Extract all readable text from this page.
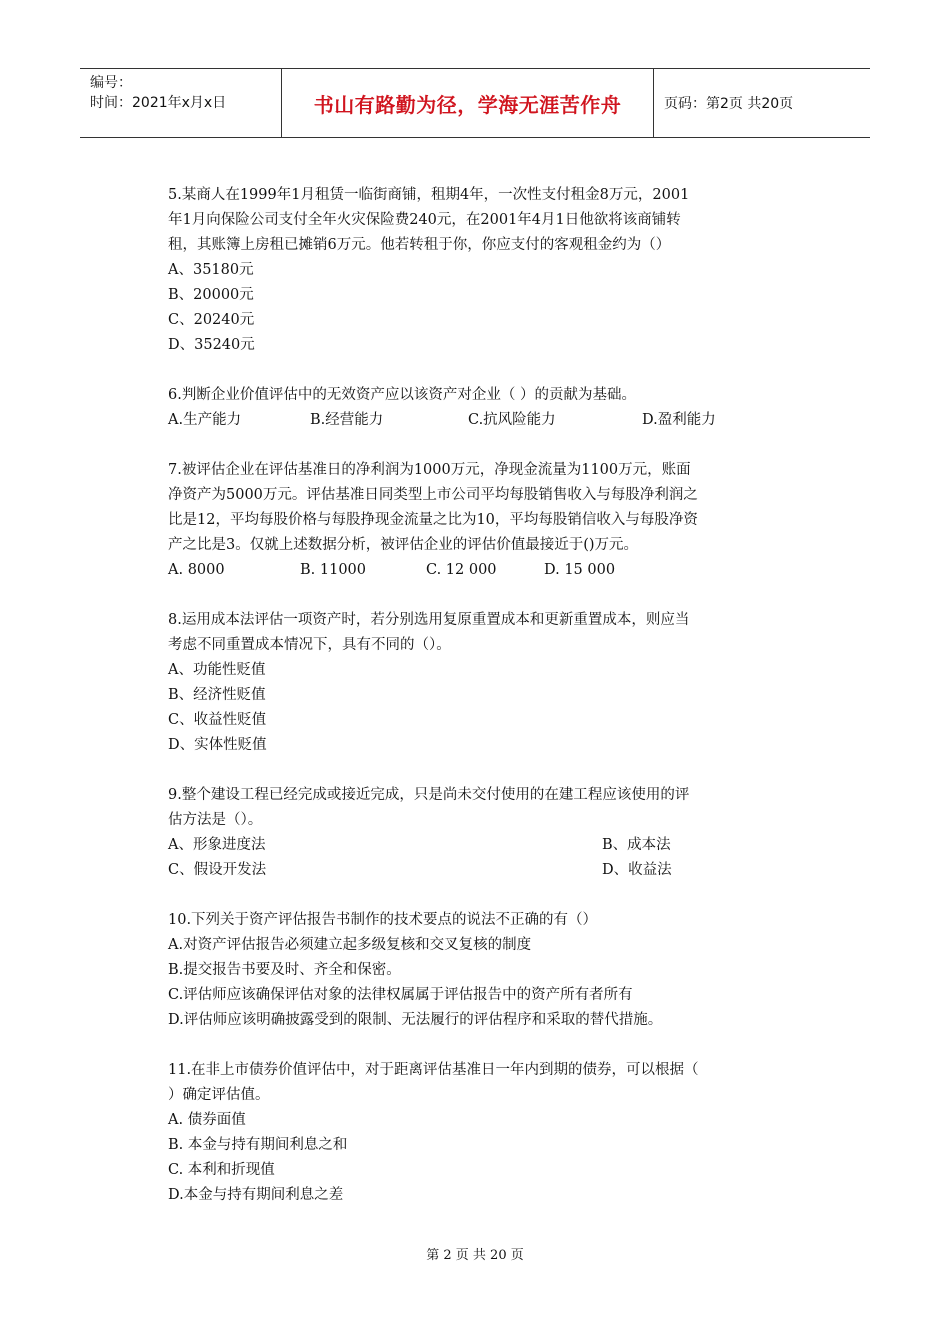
编号：
时间：2021年x月x日	书山有路勤为径，学海无涯苦作舟	页码：第2页 共20页
5.某商人在1999年1月租赁一临街商铺，租期4年，一次性支付租金8万元，2001
年1月向保险公司支付全年火灾保险费240元，在2001年4月1日他欲将该商铺转
租，其账簿上房租已摊销6万元。他若转租于你，你应支付的客观租金约为（）
A、35180元
B、20000元
C、20240元
D、35240元
6.判断企业价值评估中的无效资产应以该资产对企业（ ）的贡献为基础。
A.生产能力	B.经营能力	C.抗风险能力	D.盈利能力
7.被评估企业在评估基准日的净利润为1000万元，净现金流量为1100万元，账面
净资产为5000万元。评估基准日同类型上市公司平均每股销售收入与每股净利润之
比是12，平均每股价格与每股挣现金流量之比为10，平均每股销信收入与每股净资
产之比是3。仅就上述数据分析，被评估企业的评估价值最接近于()万元。
A. 8000	B. 11000	C. 12 000	D. 15 000
8.运用成本法评估一项资产时，若分别选用复原重置成本和更新重置成本，则应当
考虑不同重置成本情况下，具有不同的（）。
A、功能性贬值
B、经济性贬值
C、收益性贬值
D、实体性贬值
9.整个建设工程已经完成或接近完成，只是尚未交付使用的在建工程应该使用的评
估方法是（）。
A、形象进度法	B、成本法
C、假设开发法	D、收益法
10.下列关于资产评估报告书制作的技术要点的说法不正确的有（）
A.对资产评估报告必须建立起多级复核和交叉复核的制度
B.提交报告书要及时、齐全和保密。
C.评估师应该确保评估对象的法律权属属于评估报告中的资产所有者所有
D.评估师应该明确披露受到的限制、无法履行的评估程序和采取的替代措施。
11.在非上市债券价值评估中，对于距离评估基准日一年内到期的债券，可以根据（
）确定评估值。
A. 债券面值
B. 本金与持有期间利息之和
C. 本利和折现值
D.本金与持有期间利息之差
第 2 页 共 20 页
